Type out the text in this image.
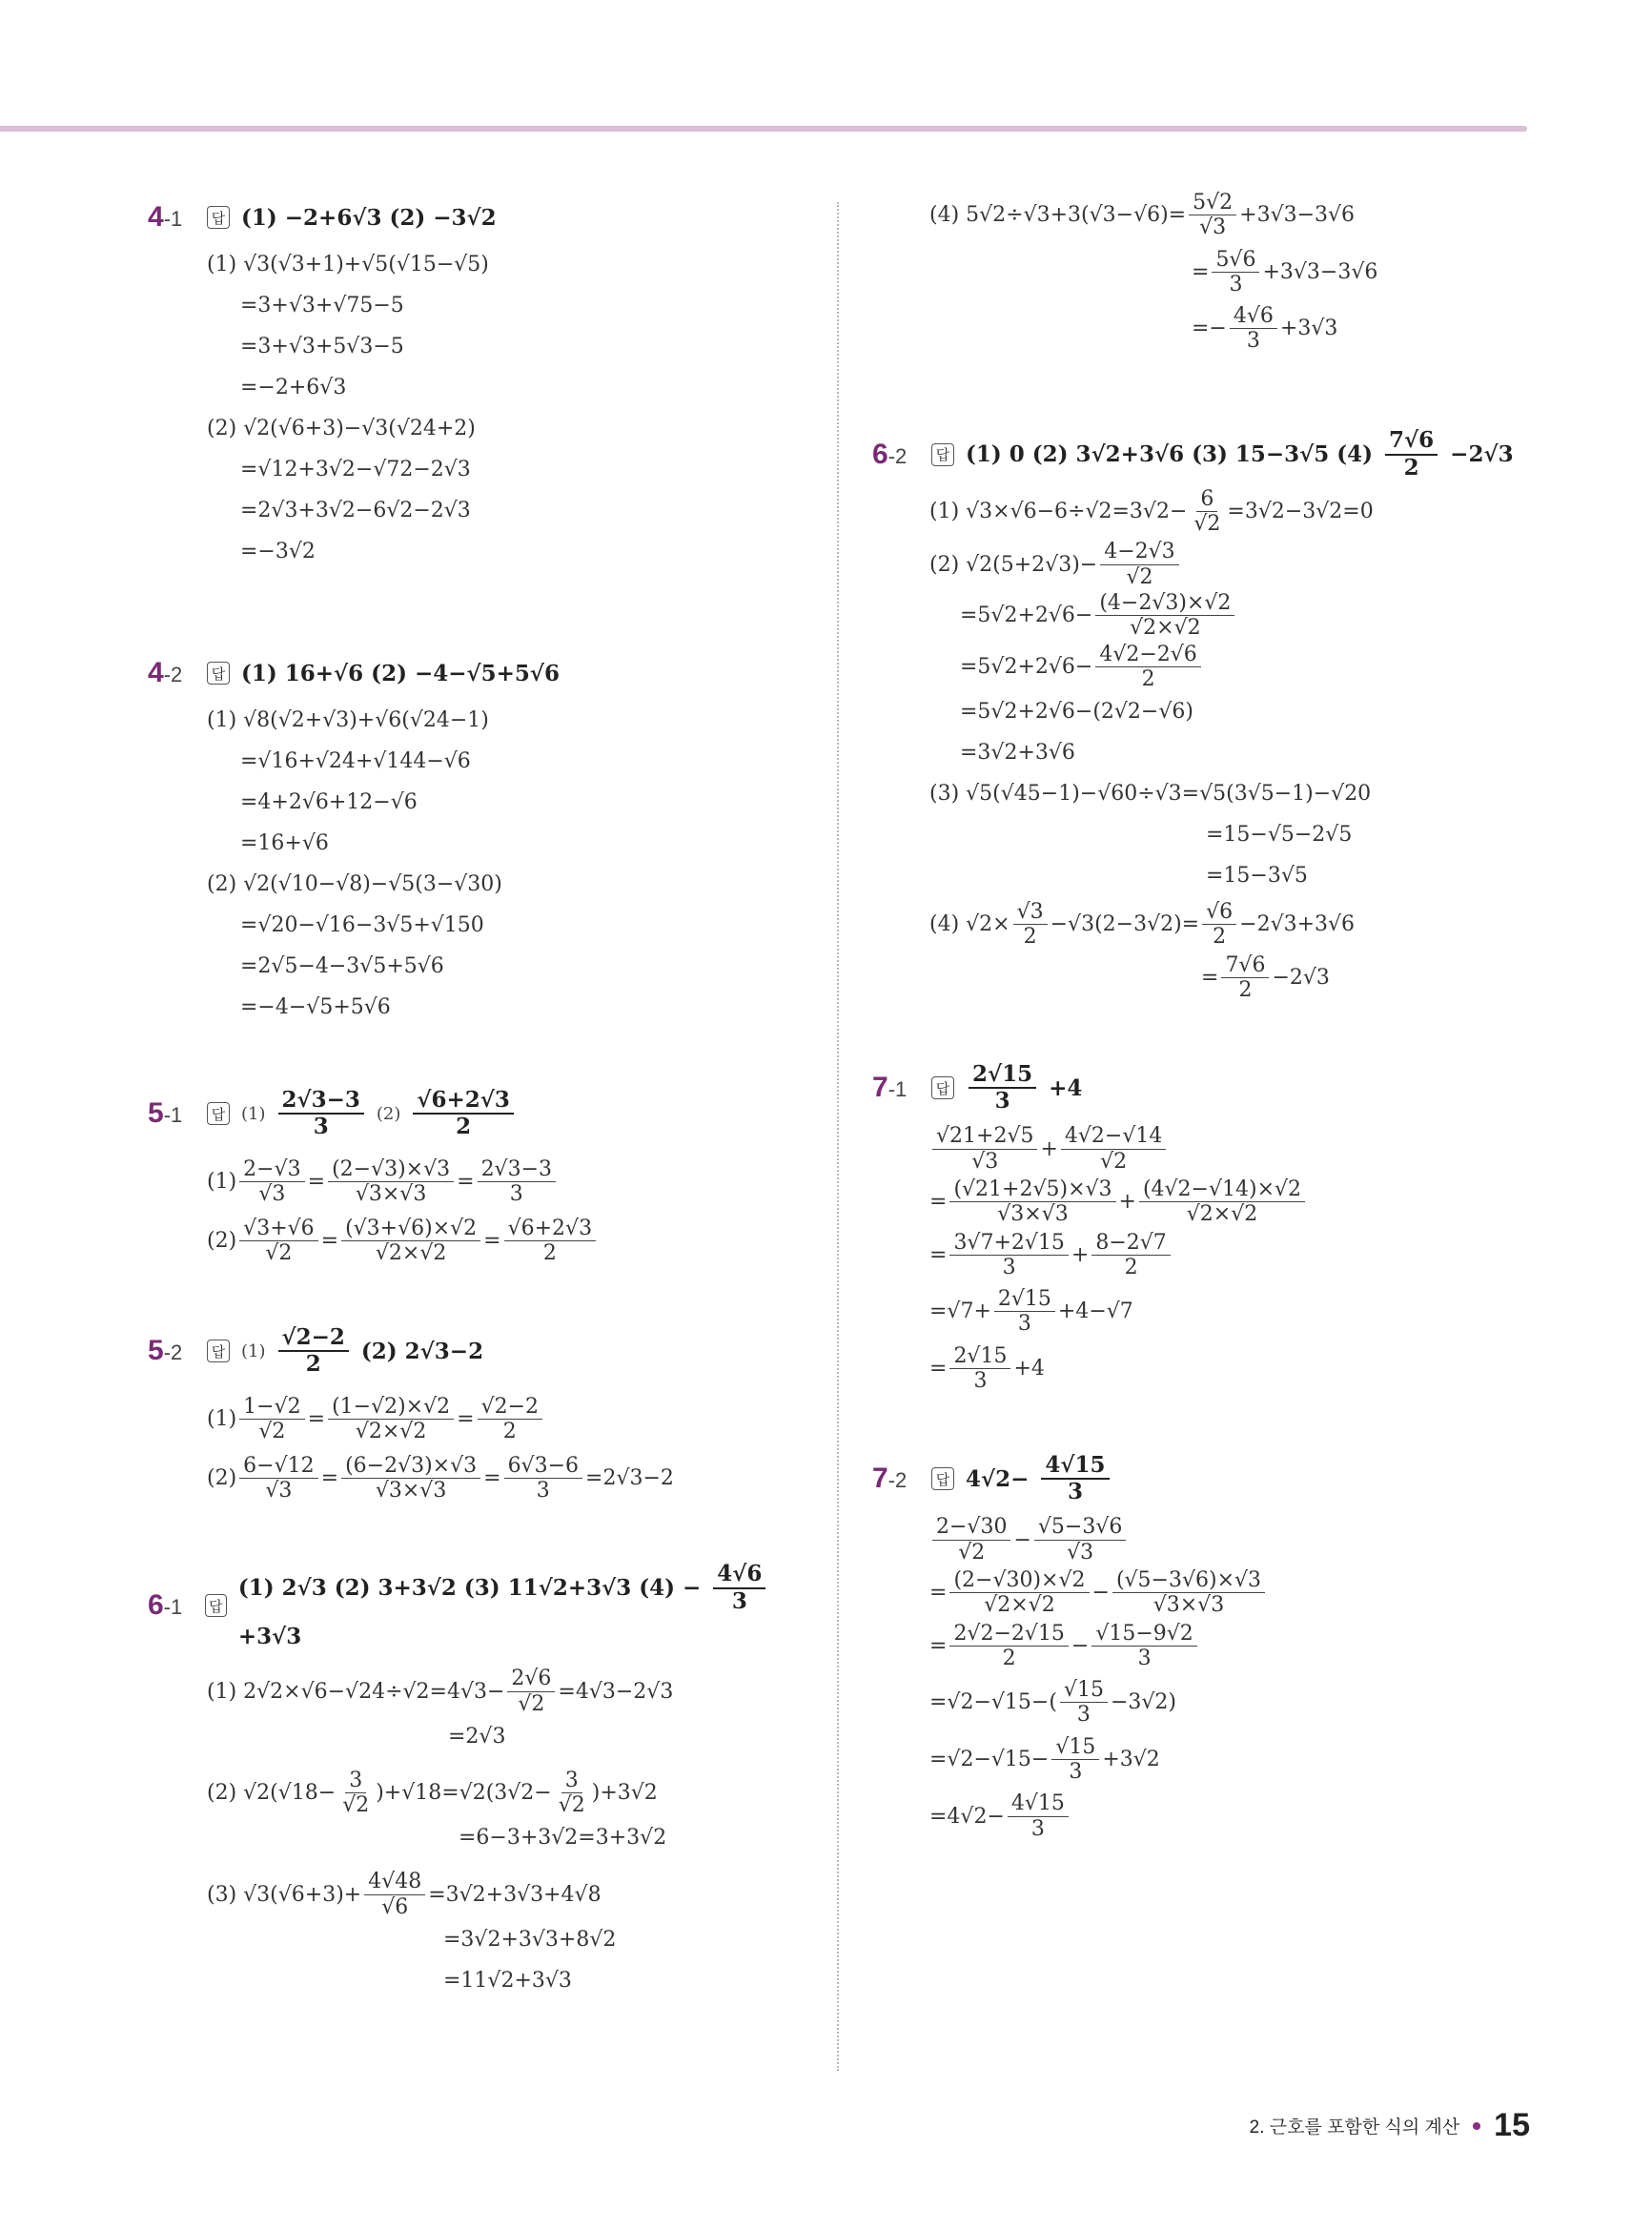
4-1	답 (1) −2+6√3 (2) −3√2
(1) √3(√3+1)+√5(√15−√5)
=3+√3+√75−5
=3+√3+5√3−5
=−2+6√3
(2) √2(√6+3)−√3(√24+2)
=√12+3√2−√72−2√3
=2√3+3√2−6√2−2√3
=−3√2
4-2	답 (1) 16+√6 (2) −4−√5+5√6
(1) √8(√2+√3)+√6(√24−1)
=√16+√24+√144−√6
=4+2√6+12−√6
=16+√6
(2) √2(√10−√8)−√5(3−√30)
=√20−√16−3√5+√150
=2√5−4−3√5+5√6
=−4−√5+5√6
5-1	답 $(1) \frac{2√3-3}{3} (2) \frac{√6+2√3}{2}$
$(1) \frac{2-√3}{√3} = \frac{(2-√3)\times√3}{√3\times√3} = \frac{2√3-3}{3}$
$(2) \frac{√3+√6}{√2} = \frac{(√3+√6)\times√2}{√2\times√2} = \frac{√6+2√3}{2}$
5-2	답 $(1) \frac{√2-2}{2} (2)$ 2√3−2
$(1) \frac{1-√2}{√2} = \frac{(1-√2)\times√2}{√2\times√2} = \frac{√2-2}{2}$
$(2) \frac{6-√12}{√3} = \frac{(6-2√3)\times√3}{√3\times√3} = \frac{6√3-6}{3} =2√3-2$
6-1	답
(1) 2√3 (2) 3+3√2 (3) 11√2+3√3 $(4) - \frac{4√6}{3}$
+3√3
(1) $2√2\times√6-√24\div√2=4√3- \frac{2√6}{√2} =4√3-2√3$
=2√3
(2) $√2(√18- \frac{3}{√2} )+√18=√2(3√2- \frac{3}{√2} )+3√2$
=6−3+3√2=3+3√2
(3) $√3(√6+3)+ \frac{4√48}{√6} =3√2+3√3+4√8$
=3√2+3√3+8√2
=11√2+3√3
(4) $5√2\div√3+3(√3-√6)= \frac{5√2}{√3} +3√3-3√6$
= $\frac{5√6}{3} +3√3-3√6$
=− $\frac{4√6}{3} +3√3$
6-2	답 (1) 0 (2) 3√2+3√6 (3) 15−3√5 $(4) \frac{7√6}{2} -2√3$
(1) $√3\times√6-6\div√2=3√2- \frac{6}{√2} =3√2-3√2=0$
(2) $√2(5+2√3)- \frac{4-2√3}{√2}$
$=5√2+2√6- \frac{(4-2√3)\times√2}{√2\times√2}$
$=5√2+2√6- \frac{4√2-2√6}{2}$
=5√2+2√6−(2√2−√6)
=3√2+3√6
(3) √5(√45−1)−√60÷√3=√5(3√5−1)−√20
=15−√5−2√5
=15−3√5
(4) $√2\times \frac{√3}{2} -√3(2-3√2)= \frac{√6}{2} -2√3+3√6$
= $\frac{7√6}{2} -2√3$
7-1	답 $\frac{2√15}{3} +4$
$\frac{√21+2√5}{√3} + \frac{4√2-√14}{√2}$
= $\frac{(√21+2√5)\times√3}{√3\times√3} + \frac{(4√2-√14)\times√2}{√2\times√2}$
= $\frac{3√7+2√15}{3} + \frac{8-2√7}{2}$
$=√7+ \frac{2√15}{3} +4-√7$
= $\frac{2√15}{3} +4$
7-2	답 $4√2- \frac{4√15}{3}$
$\frac{2-√30}{√2} - \frac{√5-3√6}{√3}$
= $\frac{(2-√30)\times√2}{√2\times√2} - \frac{(√5-3√6)\times√3}{√3\times√3}$
= $\frac{2√2-2√15}{2} - \frac{√15-9√2}{3}$
$=√2-√15-( \frac{√15}{3} -3√2)$
$=√2-√15- \frac{√15}{3} +3√2$
$=4√2- \frac{4√15}{3}$
2. 근호를 포함한 식의 계산 15
